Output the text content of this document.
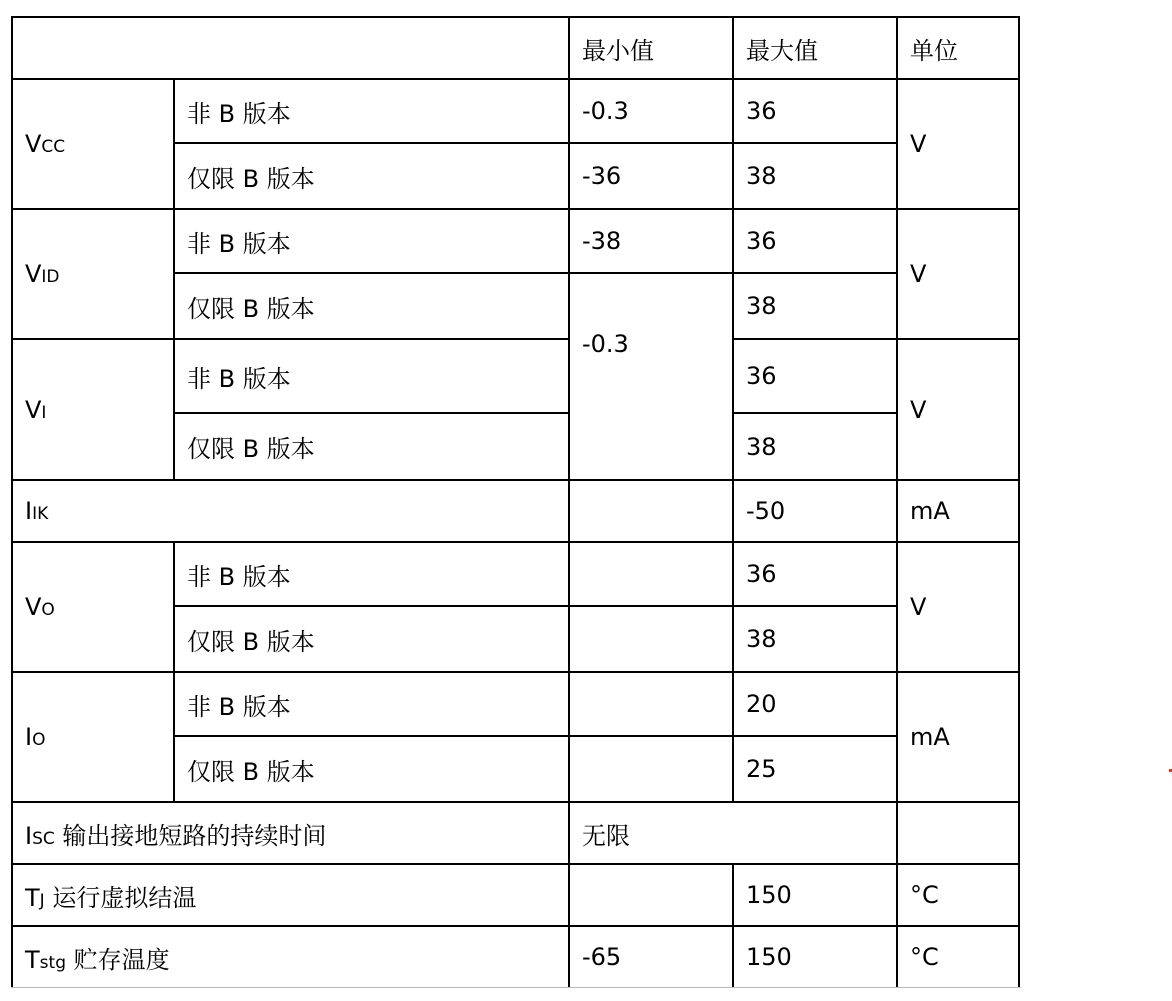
		最小值	最大值	单位
VCC	非 B 版本	-0.3	36	V
	仅限 B 版本	-36	38	
VID	非 B 版本	-38	36	V
	仅限 B 版本	-0.3	38	
VI	非 B 版本		36	V
	仅限 B 版本		38	
IIK			-50	mA
VO	非 B 版本		36	V
	仅限 B 版本		38	
IO	非 B 版本		20	mA
	仅限 B 版本		25	
ISC 输出接地短路的持续时间		无限		
TJ 运行虚拟结温			150	°C
Tstg 贮存温度		-65	150	°C
